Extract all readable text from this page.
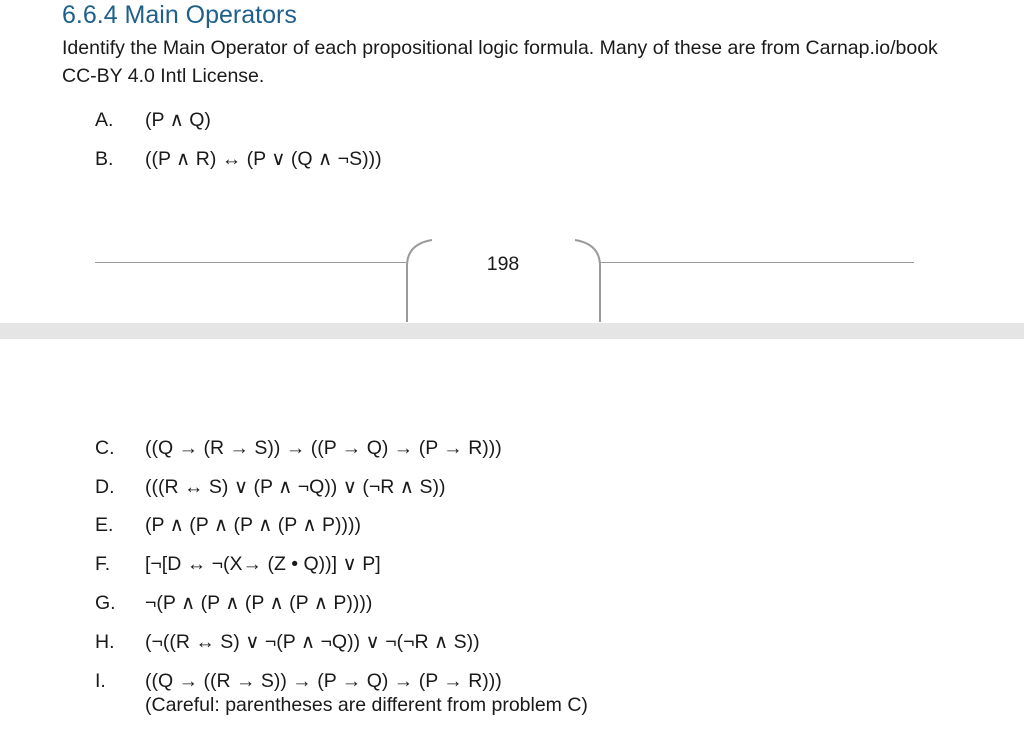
6.6.4 Main Operators

Identify the Main Operator of each propositional logic formula. Many of these are from Carnap.io/book CC-BY 4.0 Intl License.

A. (P ∧ Q)
B. ((P ∧ R) ↔ (P ∨ (Q ∧ ¬S)))
198
C. ((Q → (R → S)) → ((P → Q) → (P → R)))
D. (((R ↔ S) ∨ (P ∧ ¬Q)) ∨ (¬R ∧ S))
E. (P ∧ (P ∧ (P ∧ (P ∧ P))))
F. [¬[D ↔ ¬(X→ (Z • Q))] ∨ P]
G. ¬(P ∧ (P ∧ (P ∧ (P ∧ P))))
H. (¬((R ↔ S) ∨ ¬(P ∧ ¬Q)) ∨ ¬(¬R ∧ S))
I. ((Q → ((R → S)) → (P → Q) → (P → R)))
(Careful: parentheses are different from problem C)
